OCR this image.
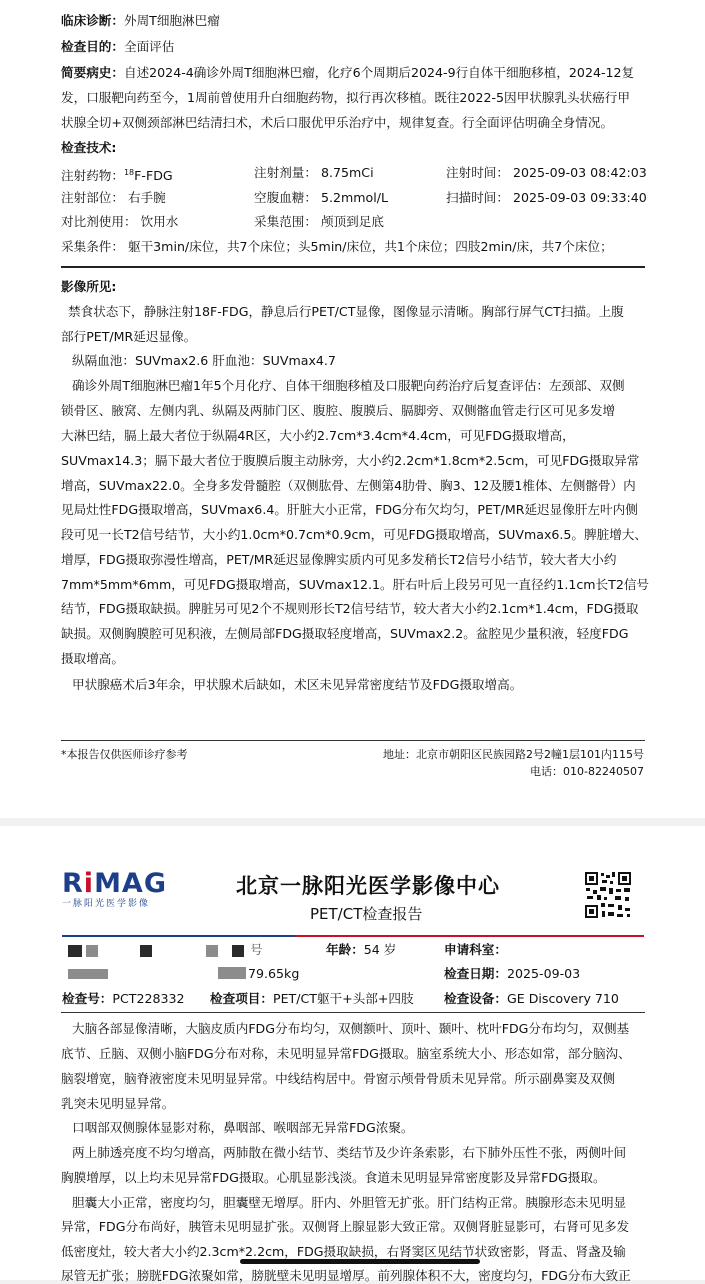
临床诊断：外周T细胞淋巴瘤
检查目的：全面评估
简要病史：自述2024-4确诊外周T细胞淋巴瘤，化疗6个周期后2024-9行自体干细胞移植，2024-12复
发，口服靶向药至今，1周前曾使用升白细胞药物，拟行再次移植。既往2022-5因甲状腺乳头状癌行甲
状腺全切+双侧颈部淋巴结清扫术，术后口服优甲乐治疗中，规律复查。行全面评估明确全身情况。
检查技术:
注射药物：$^{18}$F-FDG	注射剂量： 8.75mCi	注射时间： 2025-09-03 08:42:03
注射部位： 右手腕	空腹血糖： 5.2mmol/L	扫描时间： 2025-09-03 09:33:40
对比剂使用： 饮用水	采集范围： 颅顶到足底
采集条件： 躯干3min/床位，共7个床位；头5min/床位，共1个床位；四肢2min/床，共7个床位；
影像所见:
禁食状态下，静脉注射18F-FDG，静息后行PET/CT显像，图像显示清晰。胸部行屏气CT扫描。上腹
部行PET/MR延迟显像。
纵隔血池：SUVmax2.6 肝血池：SUVmax4.7
确诊外周T细胞淋巴瘤1年5个月化疗、自体干细胞移植及口服靶向药治疗后复查评估：左颈部、双侧
锁骨区、腋窝、左侧内乳、纵隔及两肺门区、腹腔、腹膜后、膈脚旁、双侧髂血管走行区可见多发增
大淋巴结，膈上最大者位于纵隔4R区，大小约2.7cm*3.4cm*4.4cm，可见FDG摄取增高，
SUVmax14.3；膈下最大者位于腹膜后腹主动脉旁，大小约2.2cm*1.8cm*2.5cm，可见FDG摄取异常
增高，SUVmax22.0。全身多发骨髓腔（双侧肱骨、左侧第4肋骨、胸3、12及腰1椎体、左侧髂骨）内
见局灶性FDG摄取增高，SUVmax6.4。肝脏大小正常，FDG分布欠均匀，PET/MR延迟显像肝左叶内侧
段可见一长T2信号结节，大小约1.0cm*0.7cm*0.9cm，可见FDG摄取增高，SUVmax6.5。脾脏增大、
增厚，FDG摄取弥漫性增高，PET/MR延迟显像脾实质内可见多发稍长T2信号小结节，较大者大小约
7mm*5mm*6mm，可见FDG摄取增高，SUVmax12.1。肝右叶后上段另可见一直径约1.1cm长T2信号
结节，FDG摄取缺损。脾脏另可见2个不规则形长T2信号结节，较大者大小约2.1cm*1.4cm，FDG摄取
缺损。双侧胸膜腔可见积液，左侧局部FDG摄取轻度增高，SUVmax2.2。盆腔见少量积液，轻度FDG
摄取增高。
甲状腺癌术后3年余，甲状腺术后缺如，术区未见异常密度结节及FDG摄取增高。
*本报告仅供医师诊疗参考	地址：北京市朝阳区民族园路2号2幢1层101内115号
电话：010-82240507
RiMAG
一脉阳光医学影像
北京一脉阳光医学影像中心
PET/CT检查报告
号	年龄：54 岁	申请科室：
79.65kg	检查日期：2025-09-03
检查号：PCT228332 检查项目：PET/CT躯干+头部+四肢 检查设备：GE Discovery 710
大脑各部显像清晰，大脑皮质内FDG分布均匀，双侧额叶、顶叶、颞叶、枕叶FDG分布均匀，双侧基
底节、丘脑、双侧小脑FDG分布对称，未见明显异常FDG摄取。脑室系统大小、形态如常，部分脑沟、
脑裂增宽，脑脊液密度未见明显异常。中线结构居中。骨窗示颅骨骨质未见异常。所示副鼻窦及双侧
乳突未见明显异常。
口咽部双侧腺体显影对称，鼻咽部、喉咽部无异常FDG浓聚。
两上肺透亮度不均匀增高，两肺散在微小结节、类结节及少许条索影，右下肺外压性不张，两侧叶间
胸膜增厚，以上均未见异常FDG摄取。心肌显影浅淡。食道未见明显异常密度影及异常FDG摄取。
胆囊大小正常，密度均匀，胆囊壁无增厚。肝内、外胆管无扩张。肝门结构正常。胰腺形态未见明显
异常，FDG分布尚好，胰管未见明显扩张。双侧肾上腺显影大致正常。双侧肾脏显影可，右肾可见多发
低密度灶，较大者大小约2.3cm*2.2cm，FDG摄取缺损，右肾窦区见结节状致密影，肾盂、肾盏及输
尿管无扩张；膀胱FDG浓聚如常，膀胱壁未见明显增厚。前列腺体积不大，密度均匀，FDG分布大致正
